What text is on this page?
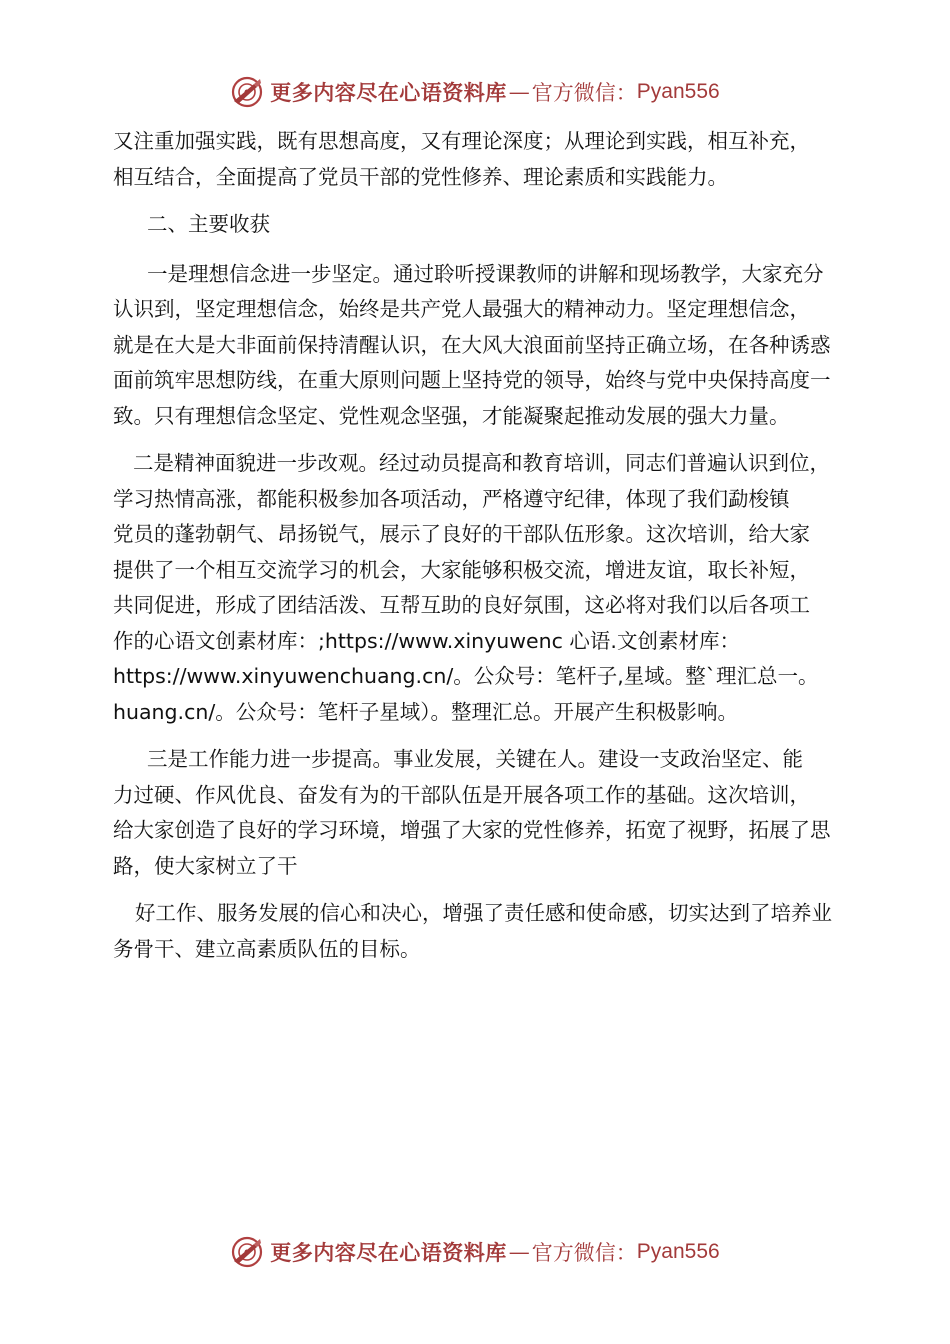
更多内容尽在心语资料库 — 官方微信： Pyan556

又注重加强实践，既有思想高度，又有理论深度；从理论到实践，相互补充，
相互结合，全面提高了党员干部的党性修养、理论素质和实践能力。

二、主要收获

一是理想信念进一步坚定。通过聆听授课教师的讲解和现场教学，大家充分
认识到，坚定理想信念，始终是共产党人最强大的精神动力。坚定理想信念，
就是在大是大非面前保持清醒认识，在大风大浪面前坚持正确立场，在各种诱惑
面前筑牢思想防线，在重大原则问题上坚持党的领导，始终与党中央保持高度一
致。只有理想信念坚定、党性观念坚强，才能凝聚起推动发展的强大力量。

二是精神面貌进一步改观。经过动员提高和教育培训，同志们普遍认识到位，
学习热情高涨，都能积极参加各项活动，严格遵守纪律，体现了我们勐梭镇
党员的蓬勃朝气、昂扬锐气，展示了良好的干部队伍形象。这次培训，给大家
提供了一个相互交流学习的机会，大家能够积极交流，增进友谊，取长补短，
共同促进，形成了团结活泼、互帮互助的良好氛围，这必将对我们以后各项工
作的心语文创素材库：;https://www.xinyuwenc 心语.文创素材库：
https://www.xinyuwenchuang.cn/。公众号：笔杆子,星域。整`理汇总一。
huang.cn/。公众号：笔杆子星域）。整理汇总。开展产生积极影响。

三是工作能力进一步提高。事业发展，关键在人。建设一支政治坚定、能
力过硬、作风优良、奋发有为的干部队伍是开展各项工作的基础。这次培训，
给大家创造了良好的学习环境，增强了大家的党性修养，拓宽了视野，拓展了思
路，使大家树立了干

好工作、服务发展的信心和决心，增强了责任感和使命感，切实达到了培养业
务骨干、建立高素质队伍的目标。

更多内容尽在心语资料库 — 官方微信： Pyan556
